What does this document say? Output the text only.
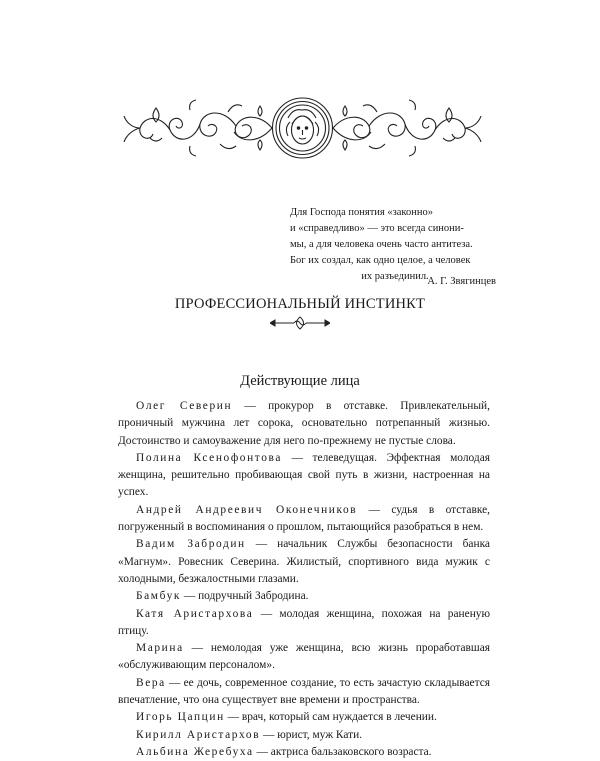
Для Господа понятия «законно»
и «справедливо» — это всегда синони-
мы, а для человека очень часто антитеза.
Бог их создал, как одно целое, а человек
их разъединил.
А. Г. Звягинцев
ПРОФЕССИОНАЛЬНЫЙ ИНСТИНКТ
Действующие лица

Олег Северин — прокурор в отставке. Привлекательный, проничный мужчина лет сорока, основательно потрепанный жизнью. Достоинство и самоуважение для него по-прежнему не пустые слова.

Полина Ксенофонтова — телеведущая. Эффектная молодая женщина, решительно пробивающая свой путь в жизни, настроенная на успех.

Андрей Андреевич Оконечников — судья в отставке, погруженный в воспоминания о прошлом, пытающийся разобраться в нем.

Вадим Забродин — начальник Службы безопасности банка «Магнум». Ровесник Северина. Жилистый, спортивного вида мужик с холодными, безжалостными глазами.

Бамбук — подручный Забродина.

Катя Аристархова — молодая женщина, похожая на раненую птицу.

Марина — немолодая уже женщина, всю жизнь проработавшая «обслуживающим персоналом».

Вера — ее дочь, современное создание, то есть зачастую складывается впечатление, что она существует вне времени и пространства.

Игорь Цапцин — врач, который сам нуждается в лечении.

Кирилл Аристархов — юрист, муж Кати.

Альбина Жеребуха — актриса бальзаковского возраста.
